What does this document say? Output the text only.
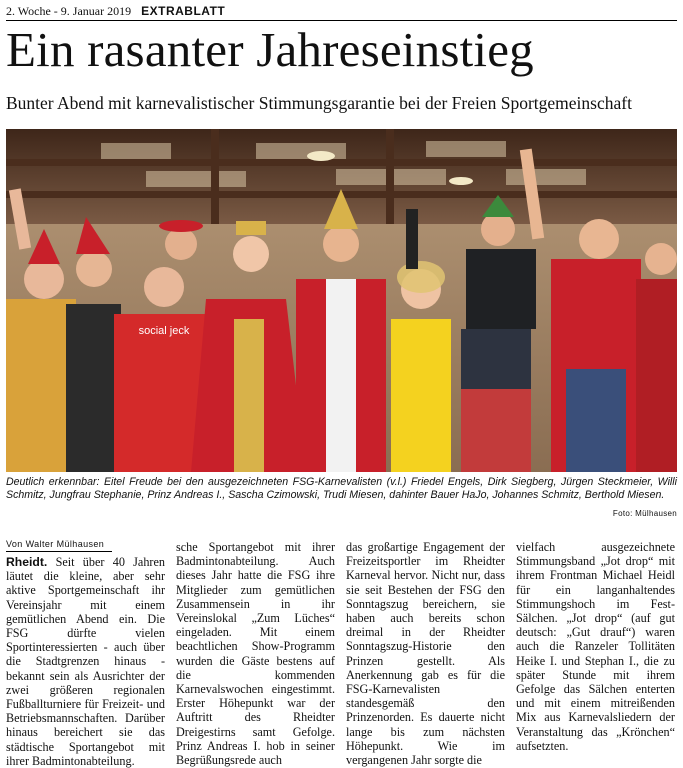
2. Woche - 9. Januar 2019 EXTRABLATT
Ein rasanter Jahreseinstieg
Bunter Abend mit karnevalistischer Stimmungsgarantie bei der Freien Sportgemeinschaft
social jeck
Deutlich erkennbar: Eitel Freude bei den ausgezeichneten FSG-Karnevalisten (v.l.) Friedel Engels, Dirk Siegberg, Jürgen Steckmeier, Willi Schmitz, Jungfrau Stephanie, Prinz Andreas I., Sascha Czimowski, Trudi Miesen, dahinter Bauer HaJo, Johannes Schmitz, Berthold Miesen.
Foto: Mülhausen
Von Walter Mülhausen

Rheidt. Seit über 40 Jahren läutet die kleine, aber sehr aktive Sportgemeinschaft ihr Vereinsjahr mit einem gemütlichen Abend ein. Die FSG dürfte vielen Sportinteressierten - auch über die Stadtgrenzen hinaus - bekannt sein als Ausrichter der zwei größeren regionalen Fußballturniere für Freizeit- und Betriebsmannschaften. Darüber hinaus bereichert sie das städtische Sportangebot mit ihrer Badmintonabteilung.

sche Sportangebot mit ihrer Badmintonabteilung. Auch dieses Jahr hatte die FSG ihre Mitglieder zum gemütlichen Zusammensein in ihr Vereinslokal „Zum Lüches“ eingeladen. Mit einem beachtlichen Show-Programm wurden die Gäste bestens auf die kommenden Karnevalswochen eingestimmt. Erster Höhepunkt war der Auftritt des Rheidter Dreigestirns samt Gefolge. Prinz Andreas I. hob in seiner Begrüßungsrede auch

das großartige Engagement der Freizeitsportler im Rheidter Karneval hervor. Nicht nur, dass sie seit Bestehen der FSG den Sonntagszug bereichern, sie haben auch bereits schon dreimal in der Rheidter Sonntagszug-Historie den Prinzen gestellt. Als Anerkennung gab es für die FSG-Karnevalisten standesgemäß den Prinzenorden. Es dauerte nicht lange bis zum nächsten Höhepunkt. Wie im vergangenen Jahr sorgte die

vielfach ausgezeichnete Stimmungsband „Jot drop“ mit ihrem Frontman Michael Heidl für ein langanhaltendes Stimmungshoch im Fest-Sälchen. „Jot drop“ (auf gut deutsch: „Gut drauf“) waren auch die Ranzeler Tollitäten Heike I. und Stephan I., die zu später Stunde mit ihrem Gefolge das Sälchen enterten und mit einem mitreißenden Mix aus Karnevalsliedern der Veranstaltung das „Krönchen“ aufsetzten.
